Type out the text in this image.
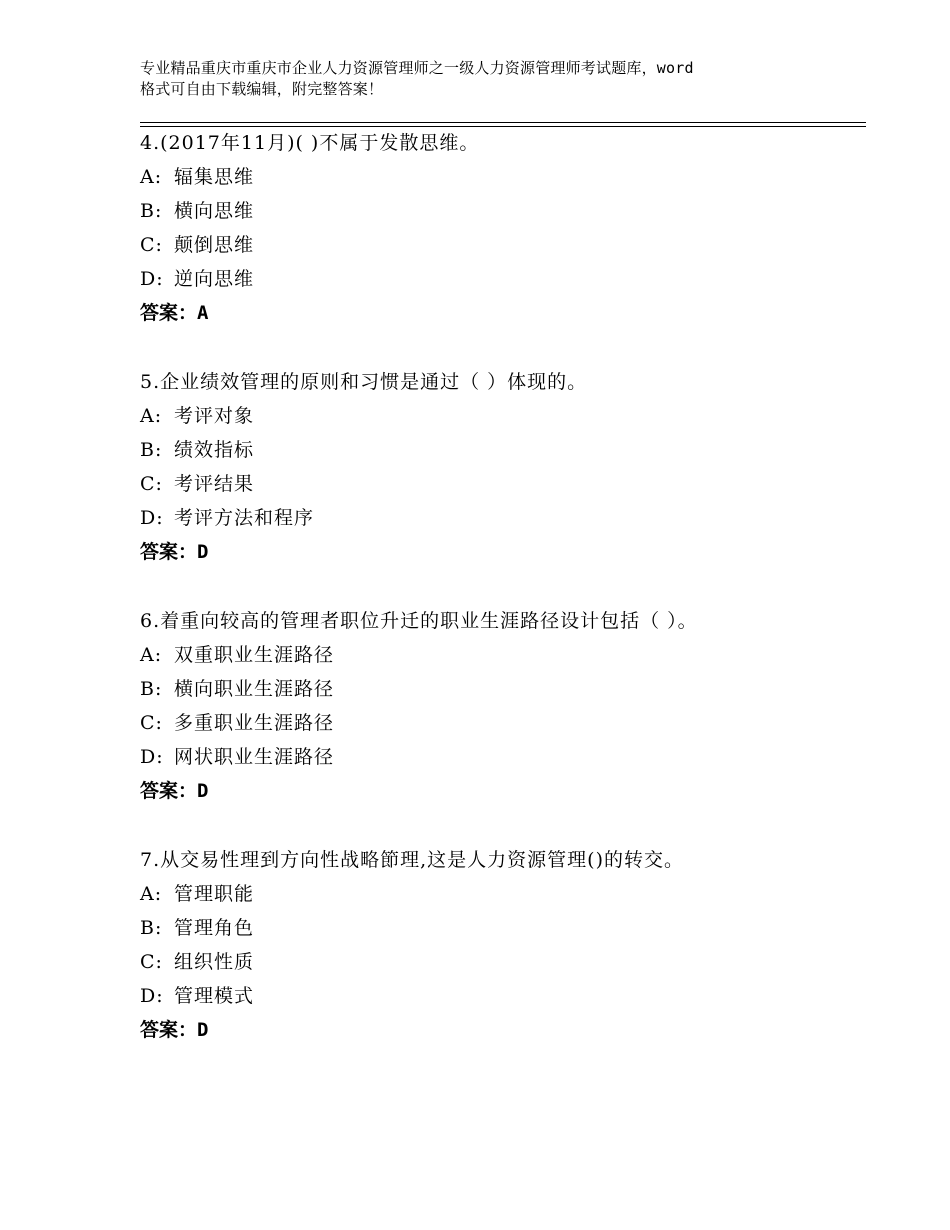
专业精品重庆市重庆市企业人力资源管理师之一级人力资源管理师考试题库，word
格式可自由下载编辑，附完整答案！
4.(2017年11月)( )不属于发散思维。
A: 辐集思维
B: 横向思维
C: 颠倒思维
D: 逆向思维
答案：A
5.企业绩效管理的原则和习惯是通过（ ）体现的。
A: 考评对象
B: 绩效指标
C: 考评结果
D: 考评方法和程序
答案：D
6.着重向较高的管理者职位升迁的职业生涯路径设计包括（ ）。
A: 双重职业生涯路径
B: 横向职业生涯路径
C: 多重职业生涯路径
D: 网状职业生涯路径
答案：D
7.从交易性理到方向性战略節理,这是人力资源管理()的转交。
A: 管理职能
B: 管理角色
C: 组织性质
D: 管理模式
答案：D
